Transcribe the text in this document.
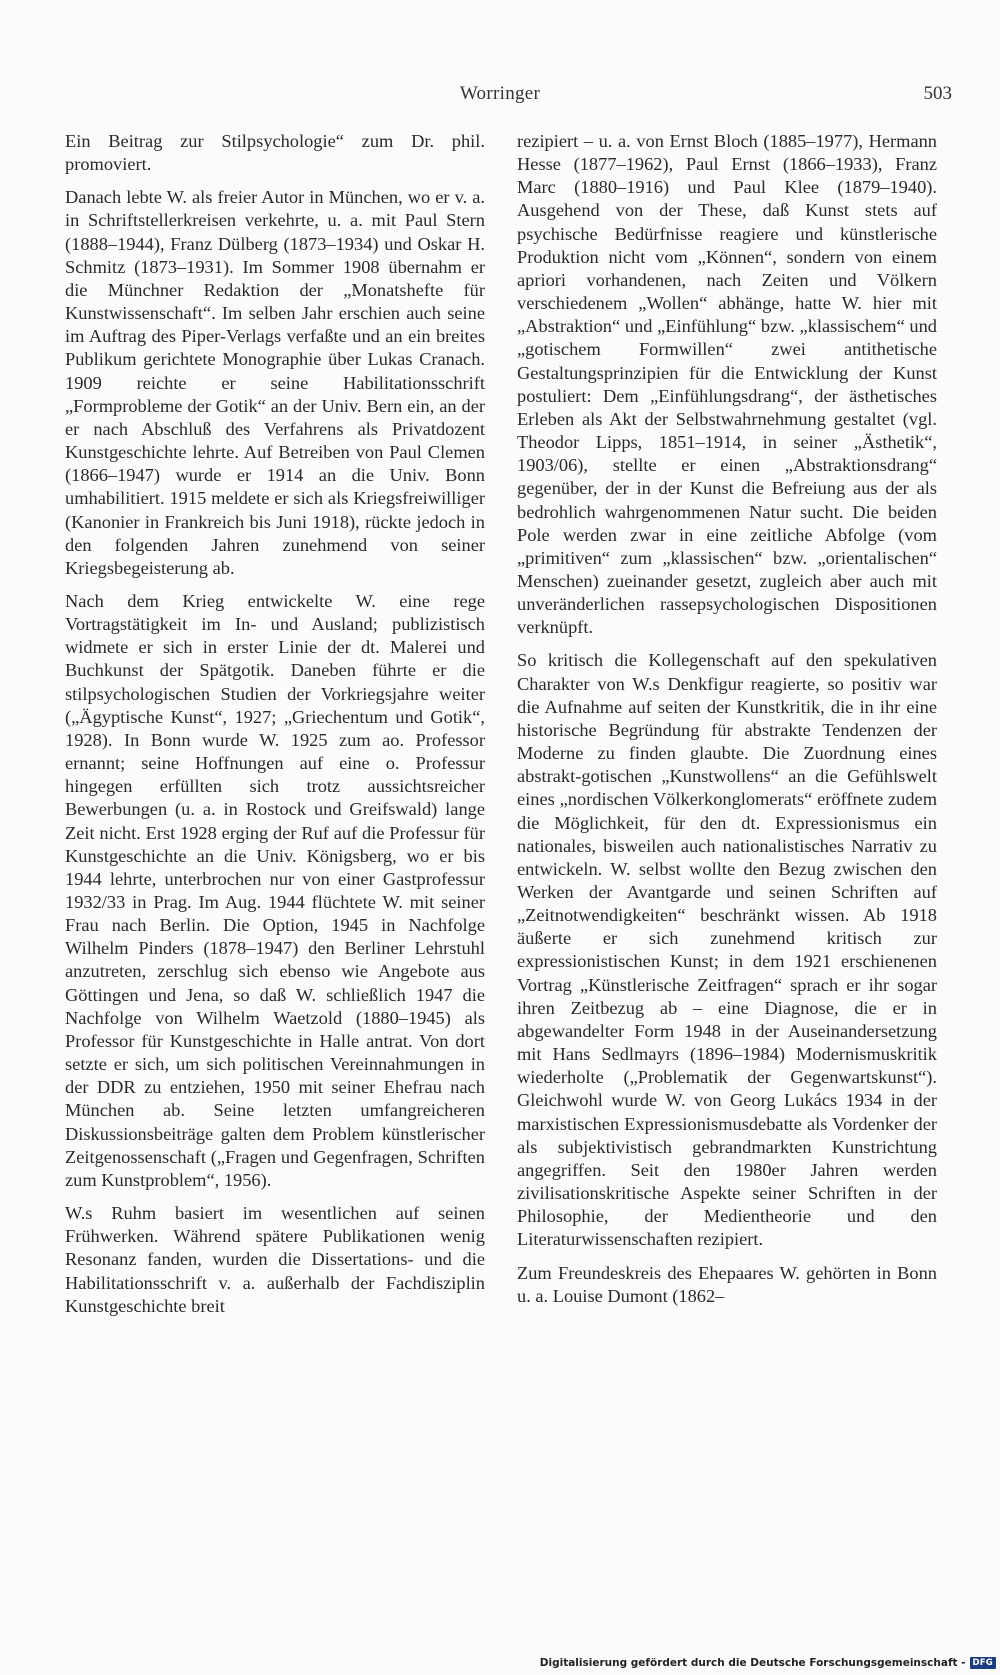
Worringer	503

Ein Beitrag zur Stilpsychologie“ zum Dr. phil. promoviert.

Danach lebte W. als freier Autor in München, wo er v. a. in Schriftstellerkreisen verkehrte, u. a. mit Paul Stern (1888–1944), Franz Dülberg (1873–1934) und Oskar H. Schmitz (1873–1931). Im Sommer 1908 übernahm er die Münchner Redaktion der „Monatshefte für Kunstwissenschaft“. Im selben Jahr erschien auch seine im Auftrag des Piper-Verlags verfaßte und an ein breites Publikum gerichtete Monographie über Lukas Cranach. 1909 reichte er seine Habilitationsschrift „Formprobleme der Gotik“ an der Univ. Bern ein, an der er nach Abschluß des Verfahrens als Privatdozent Kunstgeschichte lehrte. Auf Betreiben von Paul Clemen (1866–1947) wurde er 1914 an die Univ. Bonn umhabilitiert. 1915 meldete er sich als Kriegsfreiwilliger (Kanonier in Frankreich bis Juni 1918), rückte jedoch in den folgenden Jahren zunehmend von seiner Kriegsbegeisterung ab.

Nach dem Krieg entwickelte W. eine rege Vortragstätigkeit im In- und Ausland; publizistisch widmete er sich in erster Linie der dt. Malerei und Buchkunst der Spätgotik. Daneben führte er die stilpsychologischen Studien der Vorkriegsjahre weiter („Ägyptische Kunst“, 1927; „Griechentum und Gotik“, 1928). In Bonn wurde W. 1925 zum ao. Professor ernannt; seine Hoffnungen auf eine o. Professur hingegen erfüllten sich trotz aussichtsreicher Bewerbungen (u. a. in Rostock und Greifswald) lange Zeit nicht. Erst 1928 erging der Ruf auf die Professur für Kunstgeschichte an die Univ. Königsberg, wo er bis 1944 lehrte, unterbrochen nur von einer Gastprofessur 1932/33 in Prag. Im Aug. 1944 flüchtete W. mit seiner Frau nach Berlin. Die Option, 1945 in Nachfolge Wilhelm Pinders (1878–1947) den Berliner Lehrstuhl anzutreten, zerschlug sich ebenso wie Angebote aus Göttingen und Jena, so daß W. schließlich 1947 die Nachfolge von Wilhelm Waetzold (1880–1945) als Professor für Kunstgeschichte in Halle antrat. Von dort setzte er sich, um sich politischen Vereinnahmungen in der DDR zu entziehen, 1950 mit seiner Ehefrau nach München ab. Seine letzten umfangreicheren Diskussionsbeiträge galten dem Problem künstlerischer Zeitgenossenschaft („Fragen und Gegenfragen, Schriften zum Kunstproblem“, 1956).

W.s Ruhm basiert im wesentlichen auf seinen Frühwerken. Während spätere Publikationen wenig Resonanz fanden, wurden die Dissertations- und die Habilitationsschrift v. a. außerhalb der Fachdisziplin Kunstgeschichte breit

rezipiert – u. a. von Ernst Bloch (1885–1977), Hermann Hesse (1877–1962), Paul Ernst (1866–1933), Franz Marc (1880–1916) und Paul Klee (1879–1940). Ausgehend von der These, daß Kunst stets auf psychische Bedürfnisse reagiere und künstlerische Produktion nicht vom „Können“, sondern von einem apriori vorhandenen, nach Zeiten und Völkern verschiedenem „Wollen“ abhänge, hatte W. hier mit „Abstraktion“ und „Einfühlung“ bzw. „klassischem“ und „gotischem Formwillen“ zwei antithetische Gestaltungsprinzipien für die Entwicklung der Kunst postuliert: Dem „Einfühlungsdrang“, der ästhetisches Erleben als Akt der Selbstwahrnehmung gestaltet (vgl. Theodor Lipps, 1851–1914, in seiner „Ästhetik“, 1903/06), stellte er einen „Abstraktionsdrang“ gegenüber, der in der Kunst die Befreiung aus der als bedrohlich wahrgenommenen Natur sucht. Die beiden Pole werden zwar in eine zeitliche Abfolge (vom „primitiven“ zum „klassischen“ bzw. „orientalischen“ Menschen) zueinander gesetzt, zugleich aber auch mit unveränderlichen rassepsychologischen Dispositionen verknüpft.

So kritisch die Kollegenschaft auf den spekulativen Charakter von W.s Denkfigur reagierte, so positiv war die Aufnahme auf seiten der Kunstkritik, die in ihr eine historische Begründung für abstrakte Tendenzen der Moderne zu finden glaubte. Die Zuordnung eines abstrakt-gotischen „Kunstwollens“ an die Gefühlswelt eines „nordischen Völkerkonglomerats“ eröffnete zudem die Möglichkeit, für den dt. Expressionismus ein nationales, bisweilen auch nationalistisches Narrativ zu entwickeln. W. selbst wollte den Bezug zwischen den Werken der Avantgarde und seinen Schriften auf „Zeitnotwendigkeiten“ beschränkt wissen. Ab 1918 äußerte er sich zunehmend kritisch zur expressionistischen Kunst; in dem 1921 erschienenen Vortrag „Künstlerische Zeitfragen“ sprach er ihr sogar ihren Zeitbezug ab – eine Diagnose, die er in abgewandelter Form 1948 in der Auseinandersetzung mit Hans Sedlmayrs (1896–1984) Modernismuskritik wiederholte („Problematik der Gegenwartskunst“). Gleichwohl wurde W. von Georg Lukács 1934 in der marxistischen Expressionismusdebatte als Vordenker der als subjektivistisch gebrandmarkten Kunstrichtung angegriffen. Seit den 1980er Jahren werden zivilisationskritische Aspekte seiner Schriften in der Philosophie, der Medientheorie und den Literaturwissenschaften rezipiert.

Zum Freundeskreis des Ehepaares W. gehörten in Bonn u. a. Louise Dumont (1862–

Digitalisierung gefördert durch die Deutsche Forschungsgemeinschaft - DFG
